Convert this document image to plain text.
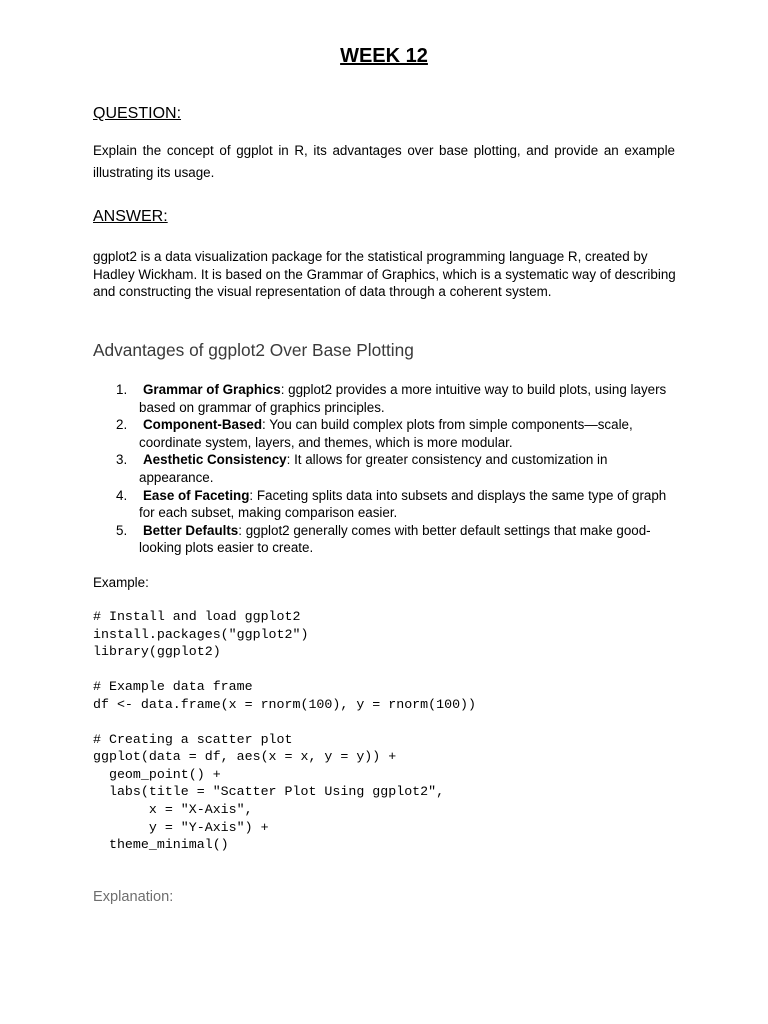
WEEK 12
QUESTION:
Explain the concept of ggplot in R, its advantages over base plotting, and provide an example illustrating its usage.
ANSWER:
ggplot2 is a data visualization package for the statistical programming language R, created by Hadley Wickham. It is based on the Grammar of Graphics, which is a systematic way of describing and constructing the visual representation of data through a coherent system.
Advantages of ggplot2 Over Base Plotting
1. Grammar of Graphics: ggplot2 provides a more intuitive way to build plots, using layers based on grammar of graphics principles.
2. Component-Based: You can build complex plots from simple components—scale, coordinate system, layers, and themes, which is more modular.
3. Aesthetic Consistency: It allows for greater consistency and customization in appearance.
4. Ease of Faceting: Faceting splits data into subsets and displays the same type of graph for each subset, making comparison easier.
5. Better Defaults: ggplot2 generally comes with better default settings that make good-looking plots easier to create.
Example:
# Install and load ggplot2
install.packages("ggplot2")
library(ggplot2)

# Example data frame
df <- data.frame(x = rnorm(100), y = rnorm(100))

# Creating a scatter plot
ggplot(data = df, aes(x = x, y = y)) +
geom_point() +
labs(title = "Scatter Plot Using ggplot2",
x = "X-Axis",
y = "Y-Axis") +
theme_minimal()
Explanation:
